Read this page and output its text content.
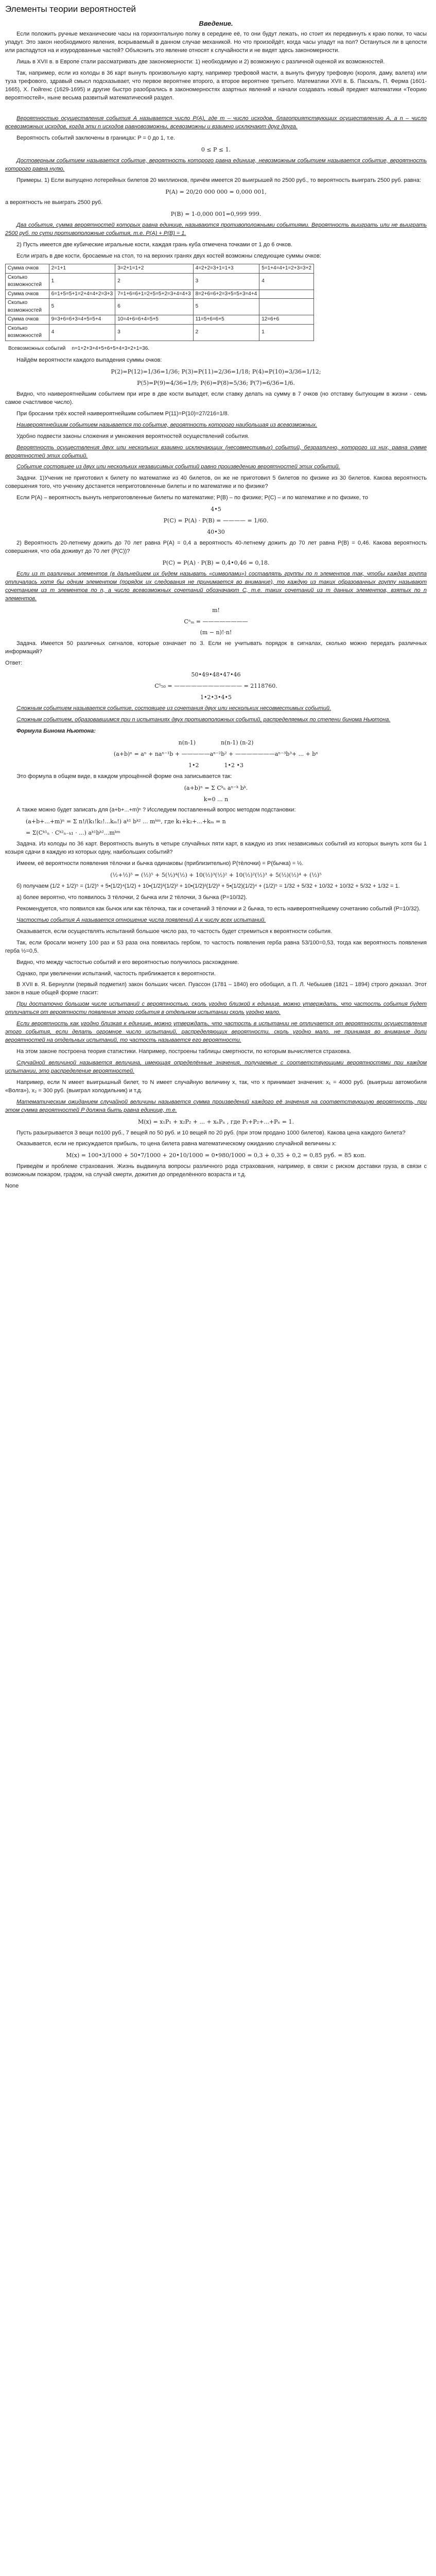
Элементы теории вероятностей
Введение.

Если положить ручные механические часы на горизонтальную полку в середине её, то они будут лежать, но стоит их передвинуть к краю полки, то часы упадут. Это закон необходимого явления, вскрываемый в данном случае механикой. Но что произойдёт, когда часы упадут на пол? Остануться ли в целости или распадутся на и изуродованные частей? Объяснить это явление относят к случайности и не видят здесь закономерности.

Лишь в XVII в. в Европе стали рассматривать две закономерности: 1) необходимую и 2) возможную с различной оценкой их возможностей.

Так, например, если из колоды в 36 карт вынуть произвольную карту, например трефовой масти, а вынуть фигуру трефовую (короля, даму, валета) или туза трефового, здравый смысл подсказывает, что первое вероятнее второго, а второе вероятнее третьего. Математики XVII в. Б. Паскаль, П. Ферма (1601-1665), X. Гюйгенс (1629-1695) и другие быстро разобрались в закономерностях азартных явлений и начали создавать новый предмет математики «Теорию вероятностей», ныне весьма развитый математический раздел.

Вероятностью осуществления события А называется число P(A), где m – число исходов, благоприятствующих осуществлению А, а n – число всевозможных исходов, когда эти n исходов равновозможны, всевозможны и взаимно исключают друг друга.

Вероятность событий заключены в границах: P = 0 до 1, т.е.

0 ≤ P ≤ 1.

Достоверным событием называется событие, вероятность которого равна единице, невозможным событием называется событие, вероятность которого равна нулю.

Примеры. 1) Если выпущено лотерейных билетов 20 миллионов, причём имеется 20 выигрышей по 2500 руб., то вероятность выиграть 2500 руб. равна:

P(A) = 20/20 000 000 = 0,000 001,

а вероятность не выиграть 2500 руб.

P(B) = 1-0,000 001=0,999 999.

Два события, сумма вероятностей которых равна единице, называются противоположными событиями. Вероятность выиграть или не выиграть 2500 руб. по сути противоположные события, т.е. P(A) + P(B) = 1.

2) Пусть имеется две кубические игральные кости, каждая грань куба отмечена точками от 1 до 6 очков.

Если играть в две кости, бросаемые на стол, то на верхних гранях двух костей возможны следующие суммы очков:

Сумма очков	2=1+1	3=2+1=1+2	4=2+2=3+1=1+3	5=1+4=4+1=2+3=3+2
Сколько возможностей	1	2	3	4
Сумма очков	6=1+5=5+1=2+4=4+2=3+3	7=1+6=6+1=2+5=5+2=3+4=4+3	8=2+6=6+2=3+5=5+3=4+4	
Сколько возможностей	5	6	5	
Сумма очков	9=3+6=6+3=4+5=5+4	10=4+6=6+4=5+5	11=5+6=6+5	12=6+6
Сколько возможностей	4	3	2	1
Всевозможных событий	n=1+2+3+4+5+6+5+4+3+2+1=36.

Найдём вероятности каждого выпадения суммы очков:

P(2)=P(12)=1/36=1/36; P(3)=P(11)=2/36=1/18; P(4)=P(10)=3/36=1/12;

P(5)=P(9)=4/36=1/9; P(6)=P(8)=5/36; P(7)=6/36=1/6.

Видно, что наивероятнейшим событием при игре в две кости выпадет, если ставку делать на сумму в 7 очков (но отставку бытующим в жизни - семь самое счастливое число).

При бросании трёх костей наивероятнейшим событием P(11)=P(10)=27/216=1/8.

Наивероятнейшим событием называется то событие, вероятность которого наибольшая из всевозможных.

Удобно подвести законы сложения и умножения вероятностей осуществлений события.

Вероятность осуществления двух или нескольких взаимно исключающих (несовместимых) событий, безразлично, которого из них, равна сумме вероятностей этих событий.

Событие состоящее из двух или нескольких независимых событий равно произведению вероятностей этих событий.

Задачи. 1)Ученик не приготовил к билету по математике из 40 билетов, он же не приготовил 5 билетов по физике из 30 билетов. Какова вероятность совершения того, что ученику достанется неприготовленные билеты и по математике и по физике?

Если P(A) – вероятность вынуть неприготовленные билеты по математике; P(B) – по физике; P(C) – и по математике и по физике, то

4•5

P(C) = P(A) · P(B) = ———— = 1/60.

40•30

2) Вероятность 20-летнему дожить до 70 лет равна P(A) = 0,4 а вероятность 40-летнему дожить до 70 лет равна P(B) = 0,46. Какова вероятность совершения, что оба доживут до 70 лет (P(С))?

P(C) = P(A) · P(B) = 0,4•0,46 = 0,18.

Если из m различных элементов (в дальнейшем их будем называть «символами») составлять группы по n элементов так, чтобы каждая группа отличалась хотя бы одним элементом (порядок их следования не принимается во внимание), то каждую из таких образованных группу называют сочетанием из m элементов по n, а число всевозможных сочетаний обозначают C, т.е. таких сочетаний из m данных элементов, взятых по n элементов.

m!

Cⁿₘ = ————————

(m − n)!·n!

Задача. Имеется 50 различных сигналов, которые означает по 3. Если не учитывать порядок в сигналах, сколько можно передать различных информаций?

Ответ:

50•49•48•47•46

C⁵₅₀ = ———————————— = 2118760.

1•2•3•4•5

Сложным событием называется событие, состоящее из сочетания двух или нескольких несовместимых событий.

Сложным событием, образовавшимся при n испытаниях двух противоположных событий, распределяемых по степени бинома Ньютона.

Формула Бинома Ньютона:

n(n-1)	n(n-1) (n-2)

(a+b)ⁿ = aⁿ + naⁿ⁻¹b + —————aⁿ⁻²b² + ———————aⁿ⁻³b³+ ... + bⁿ

1•2	1•2 •3

Это формула в общем виде, в каждом упрощённой форме она записывается так:

(a+b)ⁿ = Σ Cᵏₙ aⁿ⁻ᵏ bᵏ.

k=0 ... n

А также можно будет записать для (a+b+...+m)ⁿ ? Исследуем поставленный вопрос методом подстановки:

(a+b+...+m)ⁿ = Σ n!/(k₁!k₂!...kₘ!) aᵏ¹ bᵏ² ... mᵏᵐ, где k₁+k₂+...+kₘ = n

= Σ(Cᵏ¹ₙ · Cᵏ²ₙ₋ₖ₁ · ...) aᵏ¹bᵏ²...mᵏᵐ

Задача. Из колоды по 36 карт. Вероятность вынуть в четыре случайных пяти карт, в каждую из этих независимых событий из которых вынуть хотя бы 1 козыря сдачи в каждую из которых одну, наибольших событий?

Имеем, её вероятности появления тёлочки и бычка одинаковы (приблизительно) P(тёлочки) = P(бычка) = ½.

(½+½)⁵ = (½)⁵ + 5(½)⁴(½) + 10(½)³(½)² + 10(½)²(½)³ + 5(½)(½)⁴ + (½)⁵

б) получаем (1/2 + 1/2)⁵ = (1/2)⁵ + 5•(1/2)⁴(1/2) + 10•(1/2)³(1/2)² + 10•(1/2)²(1/2)³ + 5•(1/2)(1/2)⁴ + (1/2)⁵ = 1/32 + 5/32 + 10/32 + 10/32 + 5/32 + 1/32 = 1.

а) более вероятно, что появилось 3 тёлочки, 2 бычка или 2 тёлочки, 3 бычка (P=10/32).

Рекомендуется, что появился как бычок или как тёлочка, так и сочетаний 3 тёлочки и 2 бычка, то есть наивероятнейшему сочетанию событий (P=10/32).

Частостью события А называется отношение числа появлений А к числу всех испытаний.

Оказывается, если осуществлять испытаний большое число раз, то частость будет стремиться к вероятности события.

Так, если бросали монету 100 раз и 53 раза она появилась гербом, то частость появления герба равна 53/100=0,53, тогда как вероятность появления герба ½=0,5.

Видно, что между частостью событий и его вероятностью получилось расхождение.

Однако, при увеличении испытаний, частость приближается к вероятности.

В XVII в. Я. Бернулли (первый подметил) закон больших чисел. Пуассон (1781 – 1840) его обобщил, а П. Л. Чебышев (1821 – 1894) строго доказал. Этот закон в наше общей форме гласит:

При достаточно большом числе испытаний с вероятностью, сколь угодно близкой к единице, можно утверждать, что частость события будет отличаться от вероятности появления этого события в отдельном испытании сколь угодно мало.

Если вероятность как угодно близкая к единице, можно утверждать, что частость в испытании не отличается от вероятности осуществления этого события, если делать огромное число испытаний, распределяющих вероятности, сколь угодно мало, не принимая во внимание доли вероятностей на отдельных испытаний, то частость называется его вероятности.

На этом законе построена теория статистики. Например, построены таблицы смертности, по которым вычисляется страховка.

Случайной величиной называется величина, имеющая определённые значения, получаемые с соответствующими вероятностями при каждом испытании, это распределение вероятностей.

Например, если N имеет выигрышный билет, то N имеет случайную величину x, так, что x принимает значения: x₁ = 4000 руб. (выигрыш автомобиля «Волга»), x₂ = 300 руб. (выиграл холодильник) и т.д.

Математическим ожиданием случайной величины называется сумма произведений каждого её значения на соответствующую вероятность, при этом сумма вероятностей P должна быть равна единице, т.е.

M(x) = x₁P₁ + x₂P₂ + ... + xₙPₙ , где P₁+P₂+...+Pₙ = 1.

Пусть разыгрывается 3 вещи по100 руб., 7 вещей по 50 руб. и 10 вещей по 20 руб. (при этом продано 1000 билетов). Какова цена каждого билета?

Оказывается, если не присуждается прибыль, то цена билета равна математическому ожиданию случайной величины x:

M(x) = 100•3/1000 + 50•7/1000 + 20•10/1000 = 0•980/1000 = 0,3 + 0,35 + 0,2 = 0,85 руб. = 85 коп.

Приведём и проблеме страхования. Жизнь выдвинула вопросы различного рода страхования, например, в связи с риском доставки груза, в связи с возможным пожаром, градом, на случай смерти, дожития до определённого возраста и т.д.

None
